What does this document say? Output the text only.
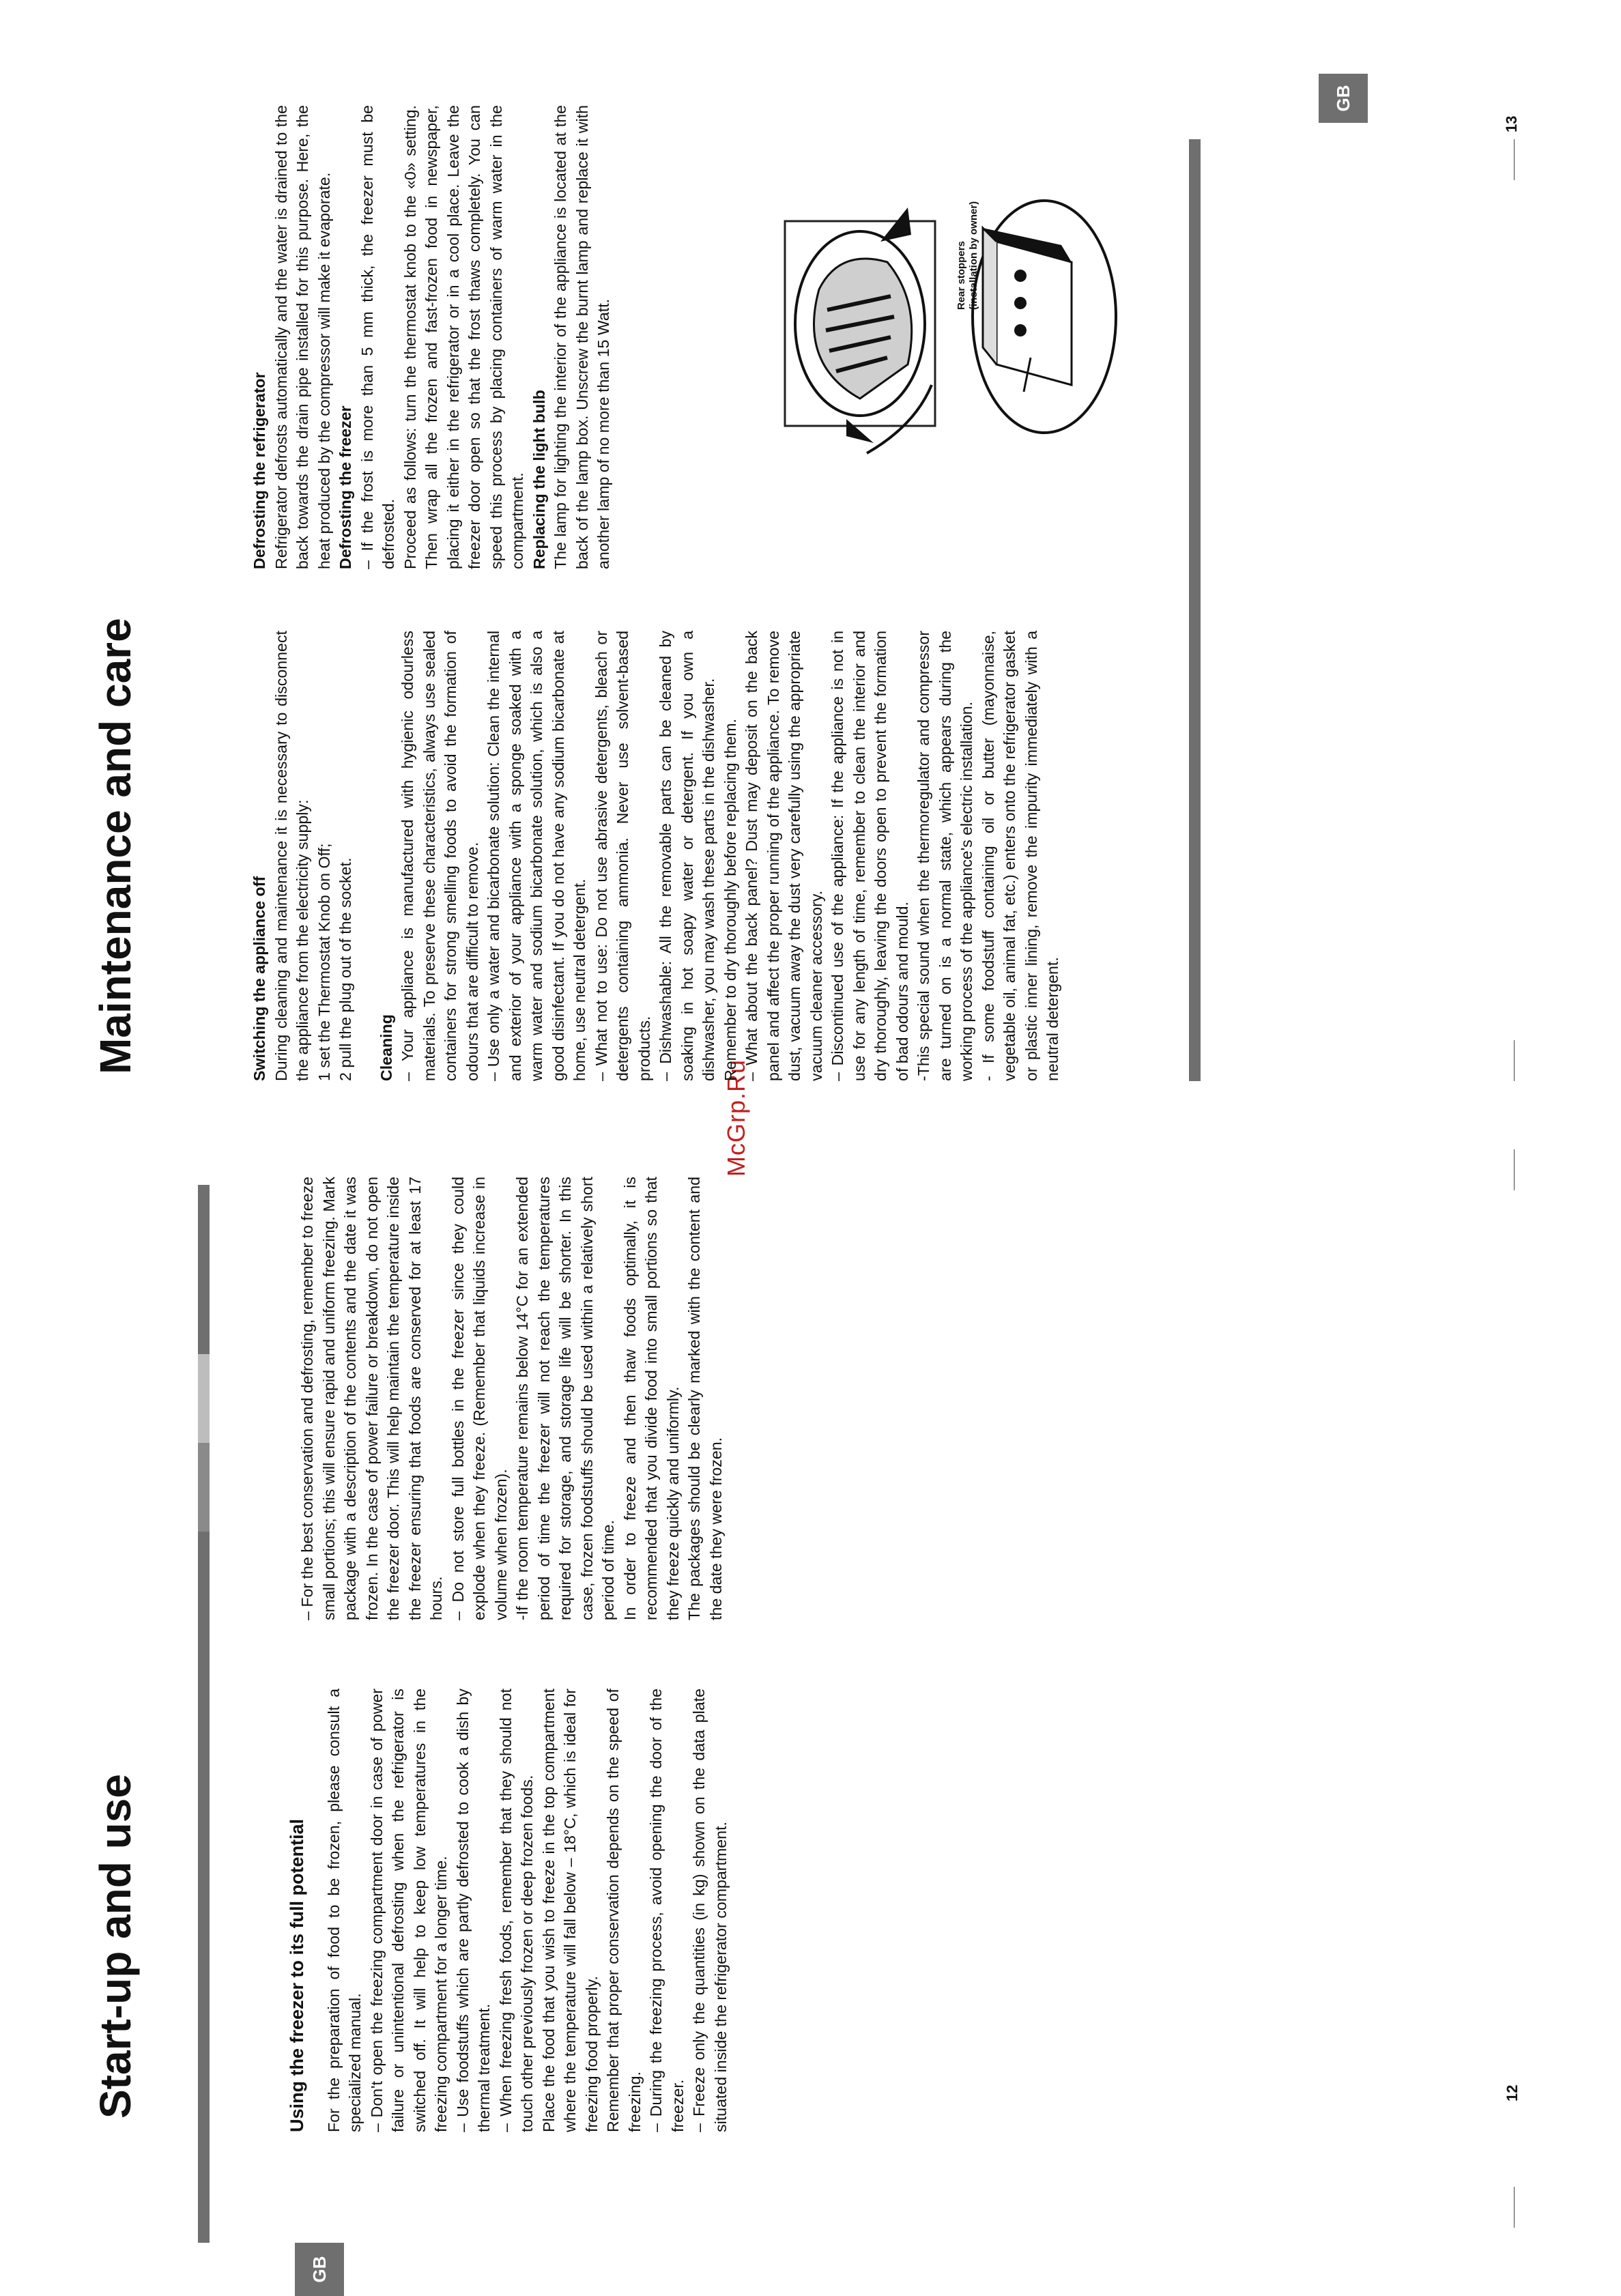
GB
Start-up and use	Using the freezer to its full potential For the preparation of food to be frozen, please consult a specialized manual. – Don't open the freezing compartment door in case of power failure or unintentional defrosting when the refrigerator is switched off. It will help to keep low temperatures in the freezing compartment for a longer time. – Use foodstuffs which are partly defrosted to cook a dish by thermal treatment. – When freezing fresh foods, remember that they should not touch other previously frozen or deep frozen foods. Place the food that you wish to freeze in the top compartment where the temperature will fall below – 18°C, which is ideal for freezing food properly. Remember that proper conservation depends on the speed of freezing. – During the freezing process, avoid opening the door of the freezer. – Freeze only the quantities (in kg) shown on the data plate situated inside the refrigerator compartment.

– For the best conservation and defrosting, remember to freeze small portions; this will ensure rapid and uniform freezing. Mark package with a description of the contents and the date it was frozen. In the case of power failure or breakdown, do not open the freezer door. This will help maintain the temperature inside the freezer ensuring that foods are conserved for at least 17 hours. – Do not store full bottles in the freezer since they could explode when they freeze. (Remember that liquids increase in volume when frozen). -If the room temperature remains below 14°C for an extended period of time the freezer will not reach the temperatures required for storage, and storage life will be shorter. In this case, frozen foodstuffs should be used within a relatively short period of time. In order to freeze and then thaw foods optimally, it is recommended that you divide food into small portions so that they freeze quickly and uniformly. The packages should be clearly marked with the content and the date they were frozen.

12
McGrp.Ru
GB
Maintenance and care	Switching the appliance off During cleaning and maintenance it is necessary to disconnect the appliance from the electricity supply: 1 set the Thermostat Knob on Off; 2 pull the plug out of the socket. Cleaning – Your appliance is manufactured with hygienic odourless materials. To preserve these characteristics, always use sealed containers for strong smelling foods to avoid the formation of odours that are difficult to remove. – Use only a water and bicarbonate solution: Clean the internal and exterior of your appliance with a sponge soaked with a warm water and sodium bicarbonate solution, which is also a good disinfectant. If you do not have any sodium bicarbonate at home, use neutral detergent. – What not to use: Do not use abrasive detergents, bleach or detergents containing ammonia. Never use solvent-based products. – Dishwashable: All the removable parts can be cleaned by soaking in hot soapy water or detergent. If you own a dishwasher, you may wash these parts in the dishwasher. Remember to dry thoroughly before replacing them. – What about the back panel? Dust may deposit on the back panel and affect the proper running of the appliance. To remove dust, vacuum away the dust very carefully using the appropriate vacuum cleaner accessory. – Discontinued use of the appliance: If the appliance is not in use for any length of time, remember to clean the interior and dry thoroughly, leaving the doors open to prevent the formation of bad odours and mould. -This special sound when the thermoregulator and compressor are turned on is a normal state, which appears during the working process of the appliance's electric installation. - If some foodstuff containing oil or butter (mayonnaise, vegetable oil, animal fat, etc.) enters onto the refrigerator gasket or plastic inner lining, remove the impurity immediately with a neutral detergent.

Defrosting the refrigerator Refrigerator defrosts automatically and the water is drained to the back towards the drain pipe installed for this purpose. Here, the heat produced by the compressor will make it evaporate. Defrosting the freezer – If the frost is more than 5 mm thick, the freezer must be defrosted. Proceed as follows: turn the thermostat knob to the «0» setting. Then wrap all the frozen and fast-frozen food in newspaper, placing it either in the refrigerator or in a cool place. Leave the freezer door open so that the frost thaws completely. You can speed this process by placing containers of warm water in the compartment. Replacing the light bulb The lamp for lighting the interior of the appliance is located at the back of the lamp box. Unscrew the burnt lamp and replace it with another lamp of no more than 15 Watt.

Rear stoppers (installation by owner)
13
